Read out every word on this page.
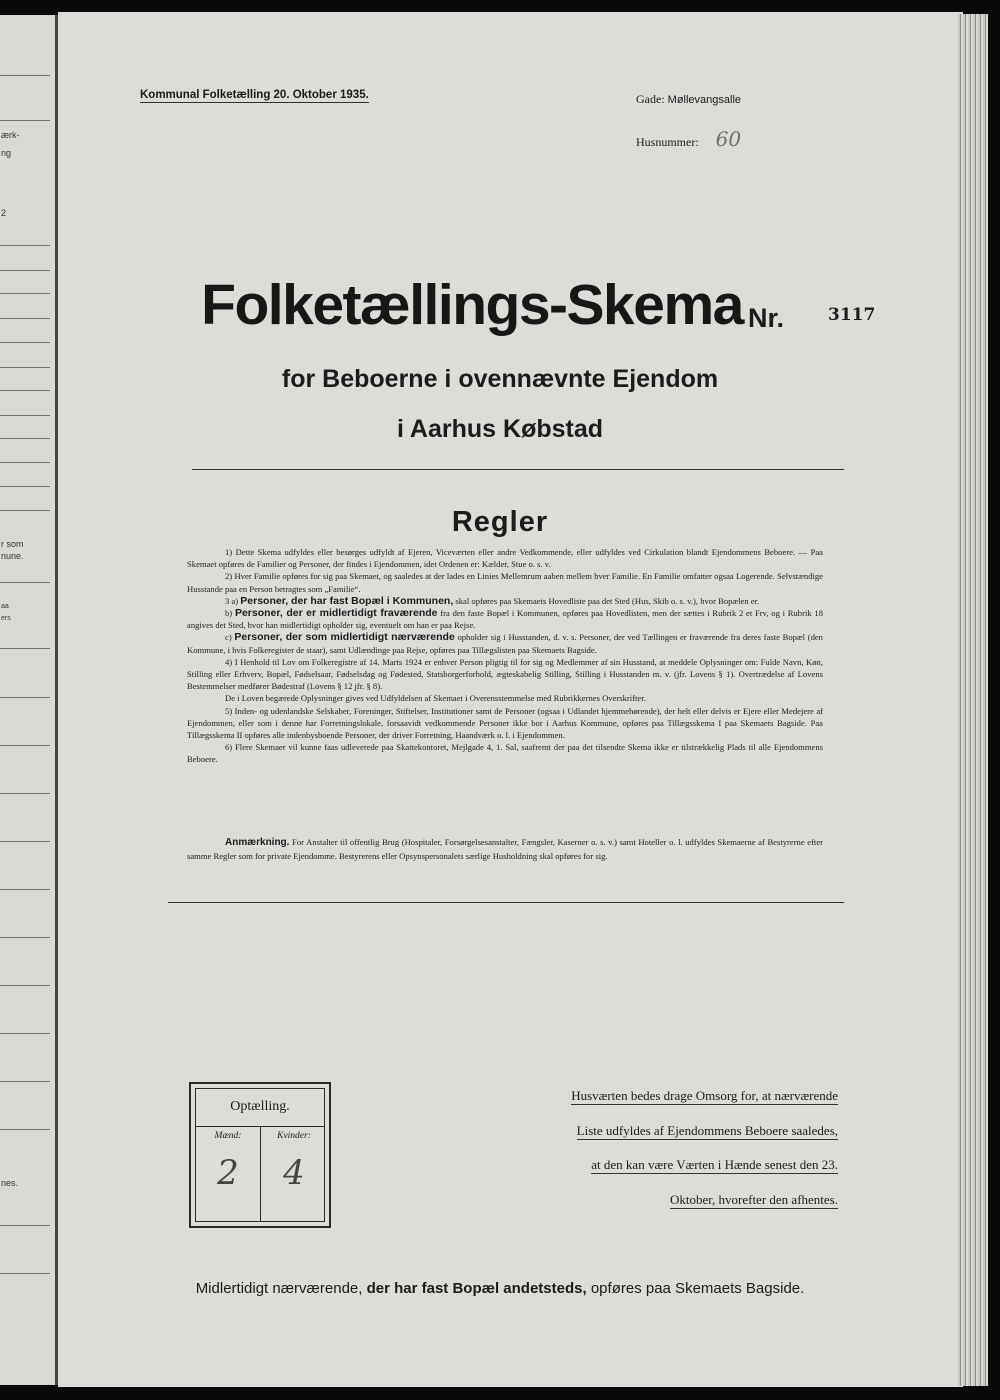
ærk-
ng
2
r som
nune.
aa
ers
nes.
Kommunal Folketælling 20. Oktober 1935.	Gade: Møllevangsalle
Husnummer: 60
Folketællings-Skema Nr.	3117
for Beboerne i ovennævnte Ejendom
i Aarhus Købstad
Regler

1) Dette Skema udfyldes eller besørges udfyldt af Ejeren, Viceværten eller andre Vedkommende, eller udfyldes ved Cirkulation blandt Ejendommens Beboere. — Paa Skemaet opføres de Familier og Personer, der findes i Ejendommen, idet Ordenen er: Kælder, Stue o. s. v.

2) Hver Familie opføres for sig paa Skemaet, og saaledes at der lades en Linies Mellemrum aaben mellem hver Familie. En Familie omfatter ogsaa Logerende. Selvstændige Husstande paa en Person betragtes som „Familie“.

3 a) Personer, der har fast Bopæl i Kommunen, skal opføres paa Skemaets Hovedliste paa det Sted (Hus, Skib o. s. v.), hvor Bopælen er.

b) Personer, der er midlertidigt fraværende fra den faste Bopæl i Kommunen, opføres paa Hovedlisten, men der sættes i Rubrik 2 et Frv, og i Rubrik 18 angives det Sted, hvor han midlertidigt opholder sig, eventuelt om han er paa Rejse.

c) Personer, der som midlertidigt nærværende opholder sig i Husstanden, d. v. s. Personer, der ved Tællingen er fraværende fra deres faste Bopæl (den Kommune, i hvis Folkeregister de staar), samt Udlændinge paa Rejse, opføres paa Tillægslisten paa Skemaets Bagside.

4) I Henhold til Lov om Folkeregistre af 14. Marts 1924 er enhver Person pligtig til for sig og Medlemmer af sin Husstand, at meddele Oplysninger om: Fulde Navn, Køn, Stilling eller Erhverv, Bopæl, Fødselsaar, Fødselsdag og Fødested, Statsborgerforhold, ægteskabelig Stilling, Stilling i Husstanden m. v. (jfr. Lovens § 1). Overtrædelse af Lovens Bestemmelser medfører Bødestraf (Lovens § 12 jfr. § 8).

De i Loven begærede Oplysninger gives ved Udfyldelsen af Skemaet i Overensstemmelse med Rubrikkernes Overskrifter.

5) Inden- og udenlandske Selskaber, Foreninger, Stiftelser, Institutioner samt de Personer (ogsaa i Udlandet hjemmehørende), der helt eller delvis er Ejere eller Medejere af Ejendommen, eller som i denne har Forretningslokale, forsaavidt vedkommende Personer ikke bor i Aarhus Kommune, opføres paa Tillægsskema I paa Skemaets Bagside. Paa Tillægsskema II opføres alle indenbysboende Personer, der driver Forretning, Haandværk o. l. i Ejendommen.

6) Flere Skemaer vil kunne faas udleverede paa Skattekontoret, Mejlgade 4, 1. Sal, saafremt der paa det tilsendte Skema ikke er tilstrækkelig Plads til alle Ejendommens Beboere.

Anmærkning. For Anstalter til offentlig Brug (Hospitaler, Forsørgelsesanstalter, Fængsler, Kaserner o. s. v.) samt Hoteller o. l. udfyldes Skemaerne af Bestyrerne efter samme Regler som for private Ejendomme. Bestyrerens eller Opsynspersonalets særlige Husholdning skal opføres for sig.
Optælling.
Mænd:	Kvinder:
2	4
Husværten bedes drage Omsorg for, at nærværende
Liste udfyldes af Ejendommens Beboere saaledes,
at den kan være Værten i Hænde senest den 23.
Oktober, hvorefter den afhentes.
Midlertidigt nærværende, der har fast Bopæl andetsteds, opføres paa Skemaets Bagside.
